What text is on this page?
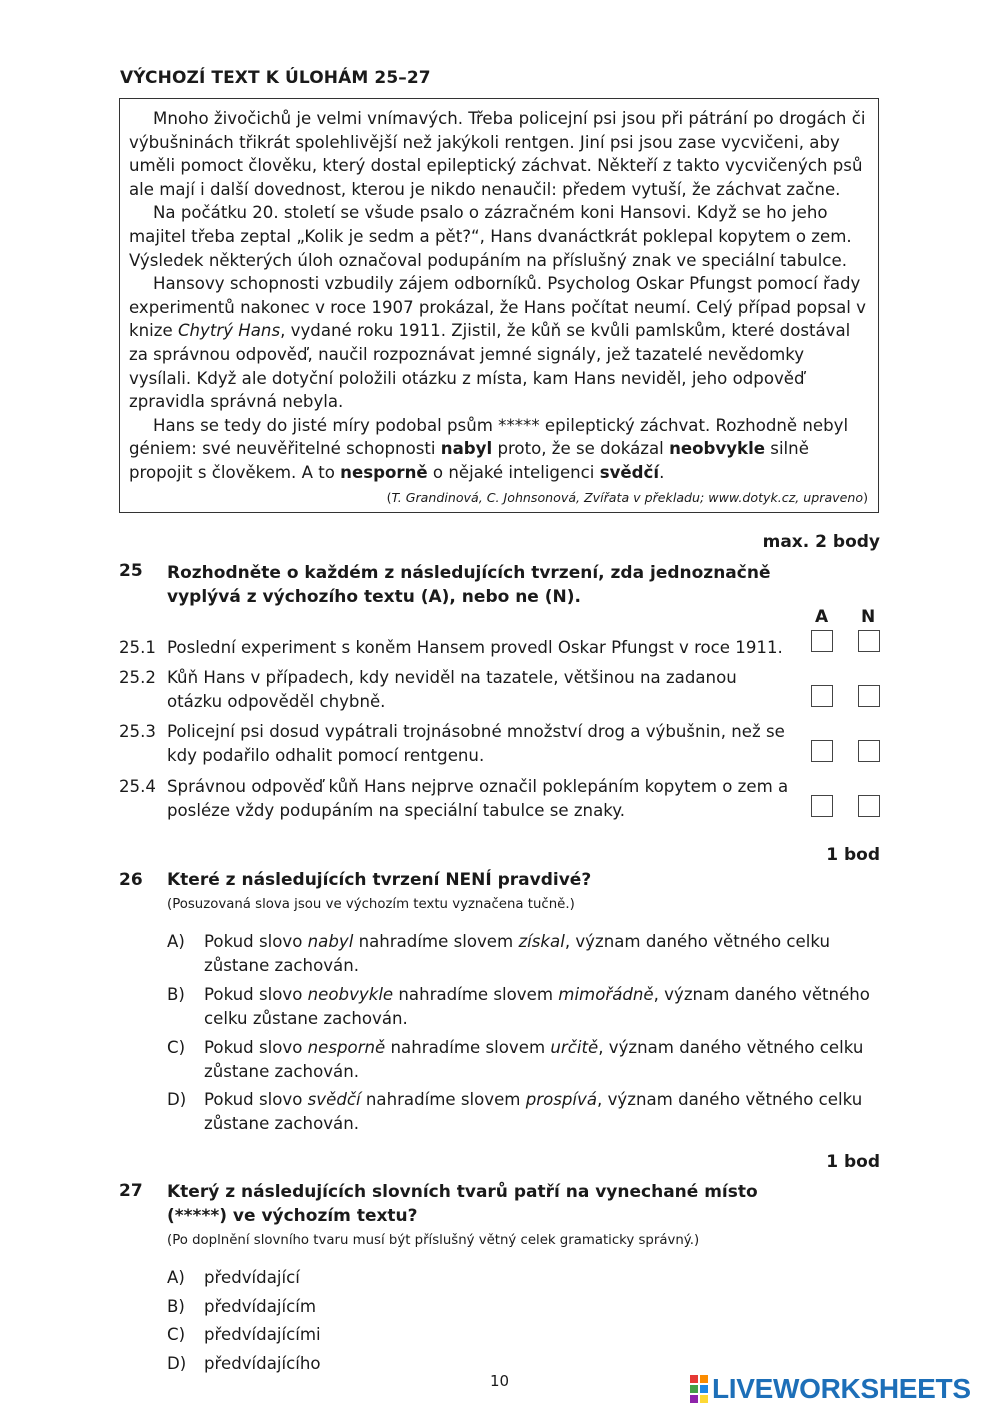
VÝCHOZÍ TEXT K ÚLOHÁM 25–27

Mnoho živočichů je velmi vnímavých. Třeba policejní psi jsou při pátrání po drogách či výbušninách třikrát spolehlivější než jakýkoli rentgen. Jiní psi jsou zase vycvičeni, aby uměli pomoct člověku, který dostal epileptický záchvat. Někteří z takto vycvičených psů ale mají i další dovednost, kterou je nikdo nenaučil: předem vytuší, že záchvat začne.

Na počátku 20. století se všude psalo o zázračném koni Hansovi. Když se ho jeho majitel třeba zeptal „Kolik je sedm a pět?“, Hans dvanáctkrát poklepal kopytem o zem. Výsledek některých úloh označoval podupáním na příslušný znak ve speciální tabulce.

Hansovy schopnosti vzbudily zájem odborníků. Psycholog Oskar Pfungst pomocí řady experimentů nakonec v roce 1907 prokázal, že Hans počítat neumí. Celý případ popsal v knize Chytrý Hans, vydané roku 1911. Zjistil, že kůň se kvůli pamlskům, které dostával za správnou odpověď, naučil rozpoznávat jemné signály, jež tazatelé nevědomky vysílali. Když ale dotyční položili otázku z místa, kam Hans neviděl, jeho odpověď zpravidla správná nebyla.

Hans se tedy do jisté míry podobal psům ***** epileptický záchvat. Rozhodně nebyl géniem: své neuvěřitelné schopnosti nabyl proto, že se dokázal neobvykle silně propojit s člověkem. A to nesporně o nějaké inteligenci svědčí.

(T. Grandinová, C. Johnsonová, Zvířata v překladu; www.dotyk.cz, upraveno)
max. 2 body
25 Rozhodněte o každém z následujících tvrzení, zda jednoznačně vyplývá z výchozího textu (A), nebo ne (N).
A N
25.1 Poslední experiment s koněm Hansem provedl Oskar Pfungst v roce 1911.
25.2 Kůň Hans v případech, kdy neviděl na tazatele, většinou na zadanou otázku odpověděl chybně.
25.3 Policejní psi dosud vypátrali trojnásobné množství drog a výbušnin, než se kdy podařilo odhalit pomocí rentgenu.
25.4 Správnou odpověď kůň Hans nejprve označil poklepáním kopytem o zem a posléze vždy podupáním na speciální tabulce se znaky.
1 bod
26 Které z následujících tvrzení NENÍ pravdivé?
(Posuzovaná slova jsou ve výchozím textu vyznačena tučně.)
A) Pokud slovo nabyl nahradíme slovem získal, význam daného větného celku zůstane zachován.
B) Pokud slovo neobvykle nahradíme slovem mimořádně, význam daného větného celku zůstane zachován.
C) Pokud slovo nesporně nahradíme slovem určitě, význam daného větného celku zůstane zachován.
D) Pokud slovo svědčí nahradíme slovem prospívá, význam daného větného celku zůstane zachován.
1 bod
27 Který z následujících slovních tvarů patří na vynechané místo (*****) ve výchozím textu?
(Po doplnění slovního tvaru musí být příslušný větný celek gramaticky správný.)
A) předvídající
B) předvídajícím
C) předvídajícími
D) předvídajícího
10	LIVEWORKSHEETS
